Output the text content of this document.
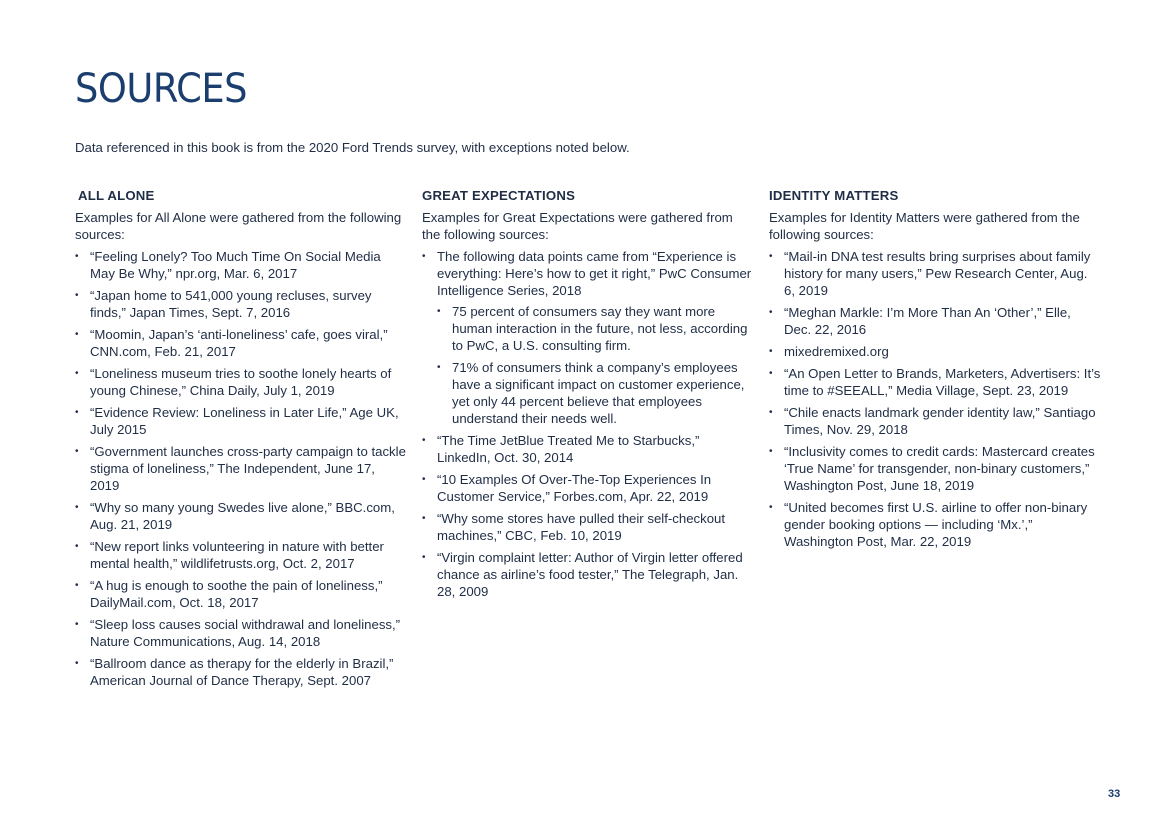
SOURCES

Data referenced in this book is from the 2020 Ford Trends survey, with exceptions noted below.

ALL ALONE

Examples for All Alone were gathered from the following sources:

• “Feeling Lonely? Too Much Time On Social Media May Be Why,” npr.org, Mar. 6, 2017
• “Japan home to 541,000 young recluses, survey finds,” Japan Times, Sept. 7, 2016
• “Moomin, Japan’s ‘anti-loneliness’ cafe, goes viral,” CNN.com, Feb. 21, 2017
• “Loneliness museum tries to soothe lonely hearts of young Chinese,” China Daily, July 1, 2019
• “Evidence Review: Loneliness in Later Life,” Age UK, July 2015
• “Government launches cross-party campaign to tackle stigma of loneliness,” The Independent, June 17, 2019
• “Why so many young Swedes live alone,” BBC.com, Aug. 21, 2019
• “New report links volunteering in nature with better mental health,” wildlifetrusts.org, Oct. 2, 2017
• “A hug is enough to soothe the pain of loneliness,” DailyMail.com, Oct. 18, 2017
• “Sleep loss causes social withdrawal and loneliness,” Nature Communications, Aug. 14, 2018
• “Ballroom dance as therapy for the elderly in Brazil,” American Journal of Dance Therapy, Sept. 2007
GREAT EXPECTATIONS

Examples for Great Expectations were gathered from the following sources:

• The following data points came from “Experience is everything: Here’s how to get it right,” PwC Consumer Intelligence Series, 2018
• 75 percent of consumers say they want more human interaction in the future, not less, according to PwC, a U.S. consulting firm.
• 71% of consumers think a company’s employees have a significant impact on customer experience, yet only 44 percent believe that employees understand their needs well.
• “The Time JetBlue Treated Me to Starbucks,” LinkedIn, Oct. 30, 2014
• “10 Examples Of Over-The-Top Experiences In Customer Service,” Forbes.com, Apr. 22, 2019
• “Why some stores have pulled their self-checkout machines,” CBC, Feb. 10, 2019
• “Virgin complaint letter: Author of Virgin letter offered chance as airline’s food tester,” The Telegraph, Jan. 28, 2009
IDENTITY MATTERS

Examples for Identity Matters were gathered from the following sources:

• “Mail-in DNA test results bring surprises about family history for many users,” Pew Research Center, Aug. 6, 2019
• “Meghan Markle: I’m More Than An ‘Other’,” Elle, Dec. 22, 2016
• mixedremixed.org
• “An Open Letter to Brands, Marketers, Advertisers: It’s time to #SEEALL,” Media Village, Sept. 23, 2019
• “Chile enacts landmark gender identity law,” Santiago Times, Nov. 29, 2018
• “Inclusivity comes to credit cards: Mastercard creates ‘True Name’ for transgender, non-binary customers,” Washington Post, June 18, 2019
• “United becomes first U.S. airline to offer non-binary gender booking options — including ‘Mx.’,” Washington Post, Mar. 22, 2019
33
